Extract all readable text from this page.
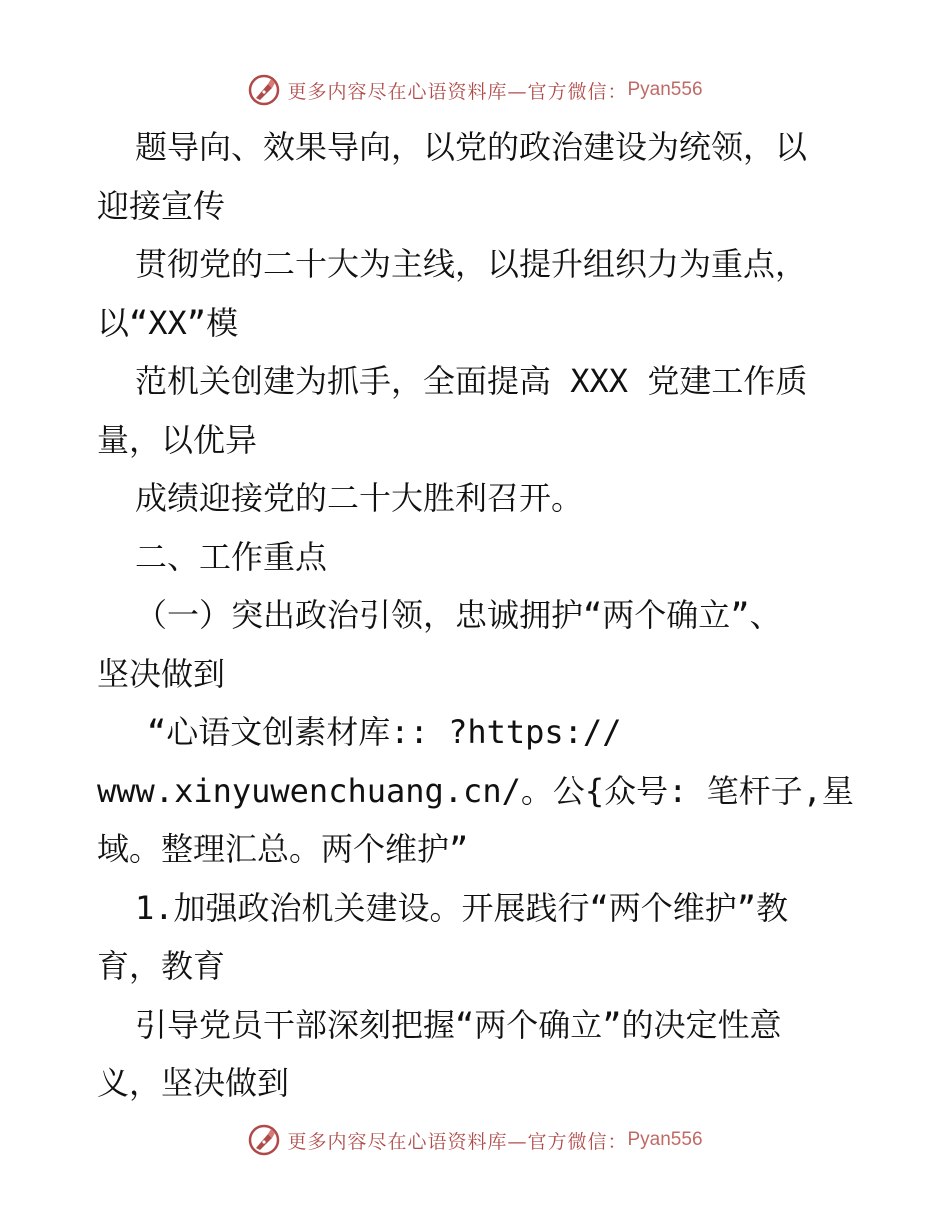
更多内容尽在心语资料库—官方微信： Pyan556
题导向、效果导向，以党的政治建设为统领，以
迎接宣传
贯彻党的二十大为主线，以提升组织力为重点，
以“XX”模
范机关创建为抓手，全面提高 XXX 党建工作质
量，以优异
成绩迎接党的二十大胜利召开。
二、工作重点
（一）突出政治引领，忠诚拥护“两个确立”、
坚决做到
“心语文创素材库:: ?https://
www.xinyuwenchuang.cn/。公{众号: 笔杆子,星
域。整理汇总。两个维护”
1.加强政治机关建设。开展践行“两个维护”教
育，教育
引导党员干部深刻把握“两个确立”的决定性意
义，坚决做到
更多内容尽在心语资料库—官方微信： Pyan556
